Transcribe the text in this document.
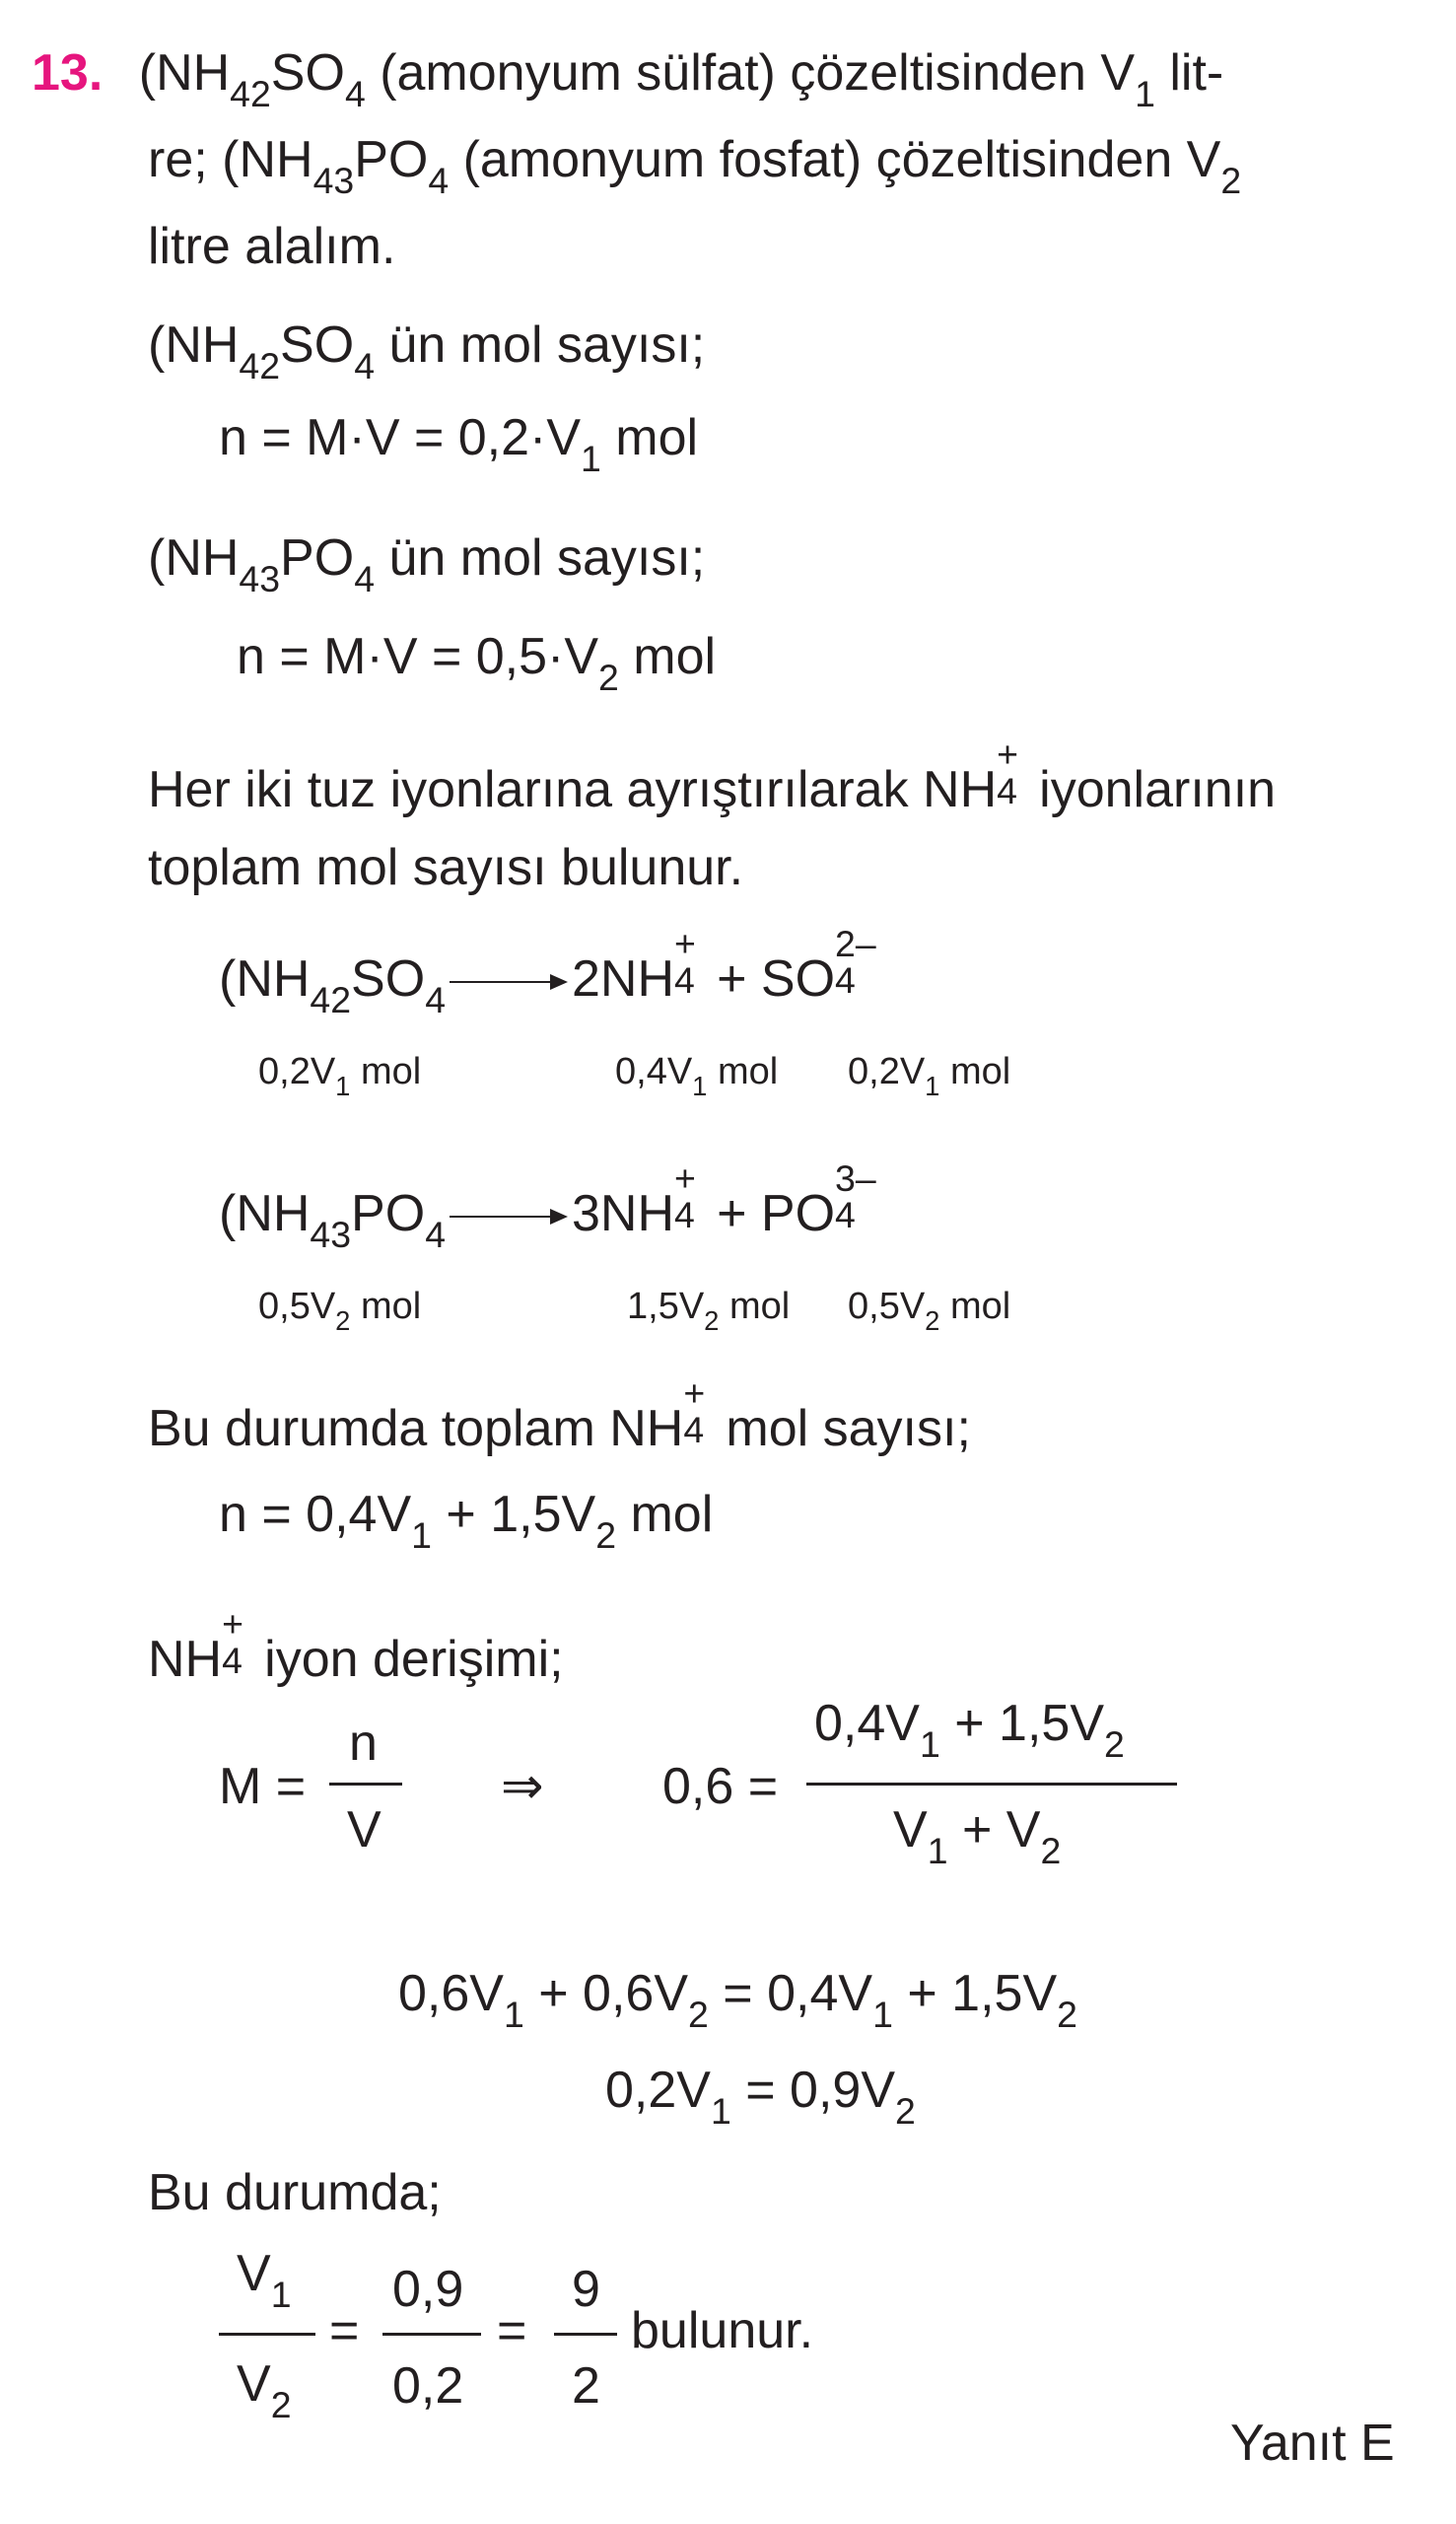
13. ($NH_{42}SO_4$ (amonyum sülfat) çözeltisinden $V_1$ lit-
re; ($NH_{43}PO_4$ (amonyum fosfat) çözeltisinden $V_2$
litre alalım.
($NH_{42}SO_4$ ün mol sayısı;
$n = M\cdot V = 0,2\cdot V_1$ mol
($NH_{43}PO_4$ ün mol sayısı;
$n = M\cdot V = 0,5\cdot V_2$ mol
Her iki tuz iyonlarına ayrıştırılarak NH
+
4 iyonlarının
toplam mol sayısı bulunur.
($NH_{42}SO_4$ 2NH
+
4 + SO
2–
4
$0,2V_1$ mol	$0,4V_1$ mol $0,2V_1$ mol
($NH_{43}PO_4$ 3NH
+
4 + PO
3–
4
$0,5V_2$ mol	$1,5V_2$ mol $0,5V_2$ mol
Bu durumda toplam NH
+
4 mol sayısı;
$n = 0,4V_1 + 1,5V_2$ mol
NH
+
4 iyon derişimi;
M =
n
V
⇒ 0,6 =
$0,4V_1 + 1,5V_2$
$V_1 + V_2$
$0,6V_1 + 0,6V_2 = 0,4V_1 + 1,5V_2$
$0,2V_1 = 0,9V_2$
Bu durumda;
$V_1$
$V_2$
=
0,9
0,2
=
9
2
bulunur.
Yanıt E
